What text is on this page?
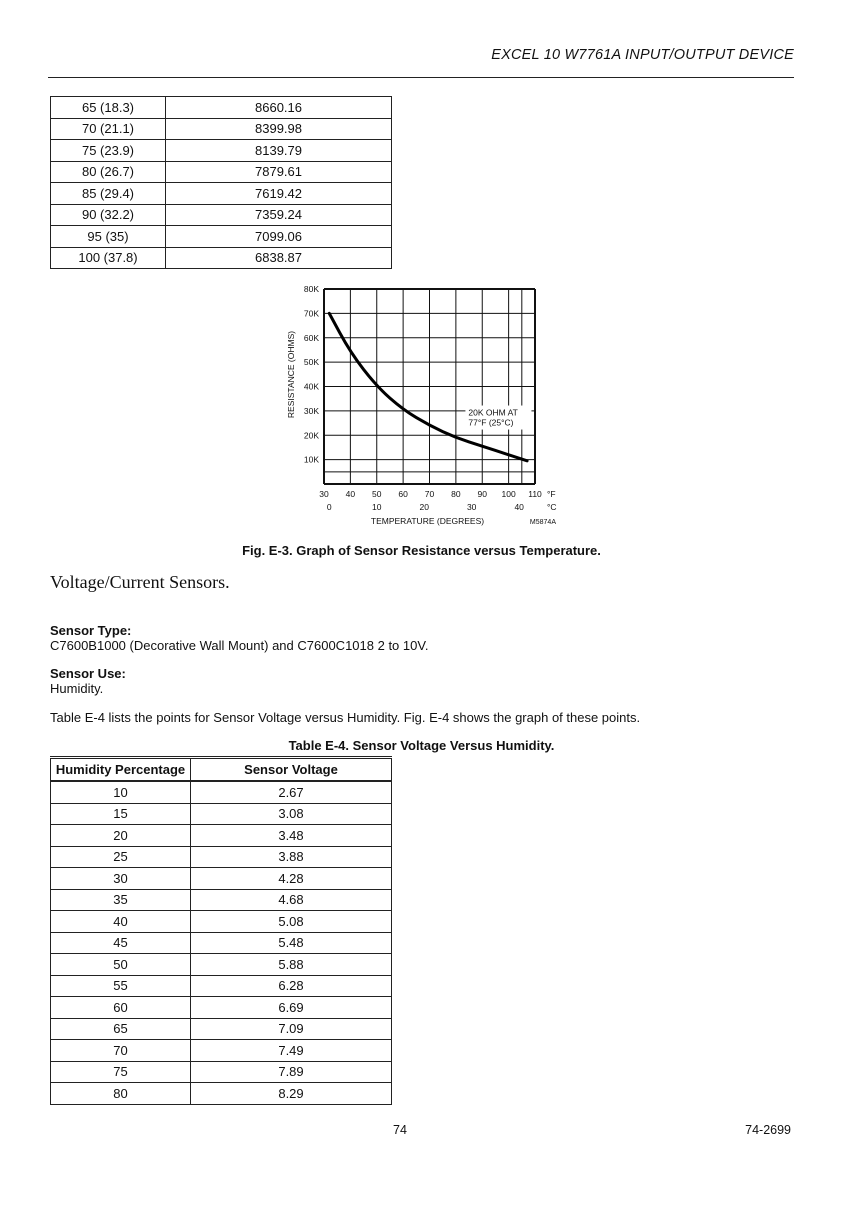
EXCEL 10 W7761A INPUT/OUTPUT DEVICE
65 (18.3)	8660.16
70 (21.1)	8399.98
75 (23.9)	8139.79
80 (26.7)	7879.61
85 (29.4)	7619.42
90 (32.2)	7359.24
95 (35)	7099.06
100 (37.8)	6838.87
10K
20K
30K
40K
50K
60K
70K
80K
30 40 50 60 70 80 90 100 110 °F
0	10	20	30	40	°C
TEMPERATURE (DEGREES)
RESISTANCE (OHMS)
M5874A
20K OHM AT
77°F (25°C)
Fig. E-3. Graph of Sensor Resistance versus Temperature.
Voltage/Current Sensors.
Sensor Type:
C7600B1000 (Decorative Wall Mount) and C7600C1018 2 to 10V.
Sensor Use:
Humidity.
Table E-4 lists the points for Sensor Voltage versus Humidity. Fig. E-4 shows the graph of these points.
Table E-4. Sensor Voltage Versus Humidity.
Humidity Percentage	Sensor Voltage
10	2.67
15	3.08
20	3.48
25	3.88
30	4.28
35	4.68
40	5.08
45	5.48
50	5.88
55	6.28
60	6.69
65	7.09
70	7.49
75	7.89
80	8.29
74	74-2699
